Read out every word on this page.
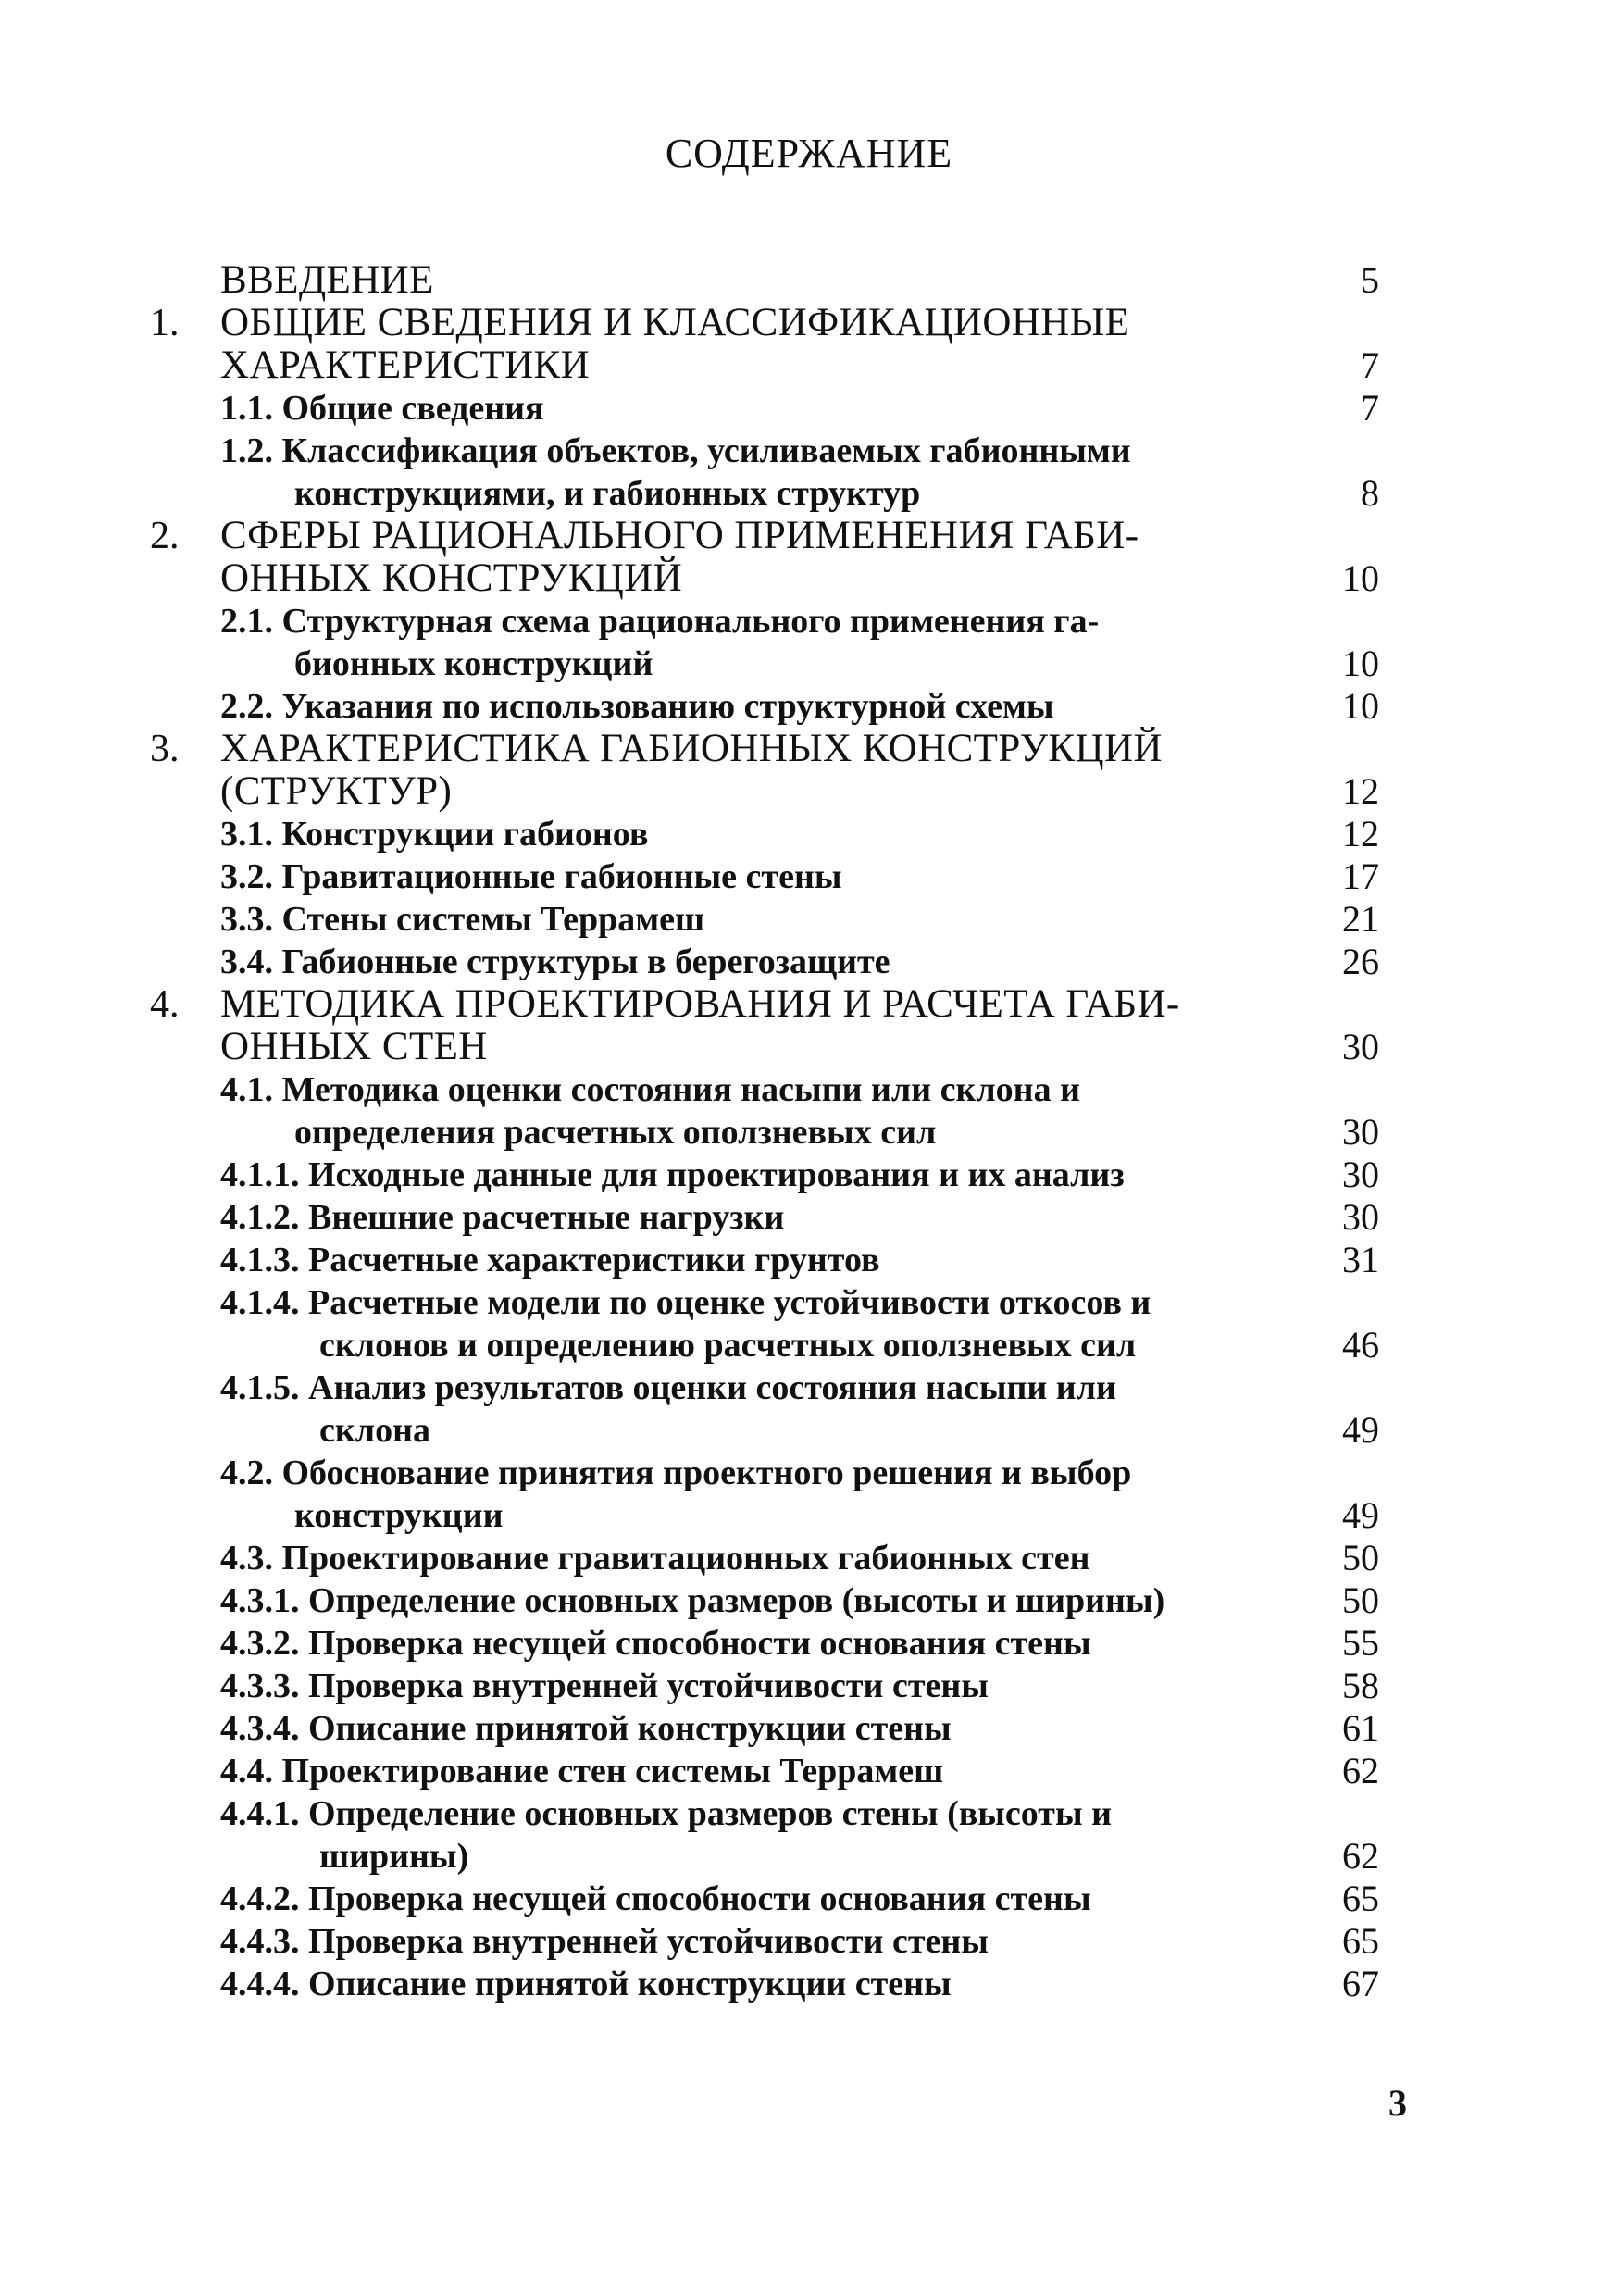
СОДЕРЖАНИЕ
ВВЕДЕНИЕ	5
1. ОБЩИЕ СВЕДЕНИЯ И КЛАССИФИКАЦИОННЫЕ
ХАРАКТЕРИСТИКИ	7
1.1. Общие сведения	7
1.2. Классификация объектов, усиливаемых габионными
конструкциями, и габионных структур	8
2. СФЕРЫ РАЦИОНАЛЬНОГО ПРИМЕНЕНИЯ ГАБИ-
ОННЫХ КОНСТРУКЦИЙ	10
2.1. Структурная схема рационального применения га-
бионных конструкций	10
2.2. Указания по использованию структурной схемы	10
3. ХАРАКТЕРИСТИКА ГАБИОННЫХ КОНСТРУКЦИЙ
(СТРУКТУР)	12
3.1. Конструкции габионов	12
3.2. Гравитационные габионные стены	17
3.3. Стены системы Террамеш	21
3.4. Габионные структуры в берегозащите	26
4. МЕТОДИКА ПРОЕКТИРОВАНИЯ И РАСЧЕТА ГАБИ-
ОННЫХ СТЕН	30
4.1. Методика оценки состояния насыпи или склона и
определения расчетных оползневых сил	30
4.1.1. Исходные данные для проектирования и их анализ	30
4.1.2. Внешние расчетные нагрузки	30
4.1.3. Расчетные характеристики грунтов	31
4.1.4. Расчетные модели по оценке устойчивости откосов и
склонов и определению расчетных оползневых сил	46
4.1.5. Анализ результатов оценки состояния насыпи или
склона	49
4.2. Обоснование принятия проектного решения и выбор
конструкции	49
4.3. Проектирование гравитационных габионных стен	50
4.3.1. Определение основных размеров (высоты и ширины)	50
4.3.2. Проверка несущей способности основания стены	55
4.3.3. Проверка внутренней устойчивости стены	58
4.3.4. Описание принятой конструкции стены	61
4.4. Проектирование стен системы Террамеш	62
4.4.1. Определение основных размеров стены (высоты и
ширины)	62
4.4.2. Проверка несущей способности основания стены	65
4.4.3. Проверка внутренней устойчивости стены	65
4.4.4. Описание принятой конструкции стены	67
3
